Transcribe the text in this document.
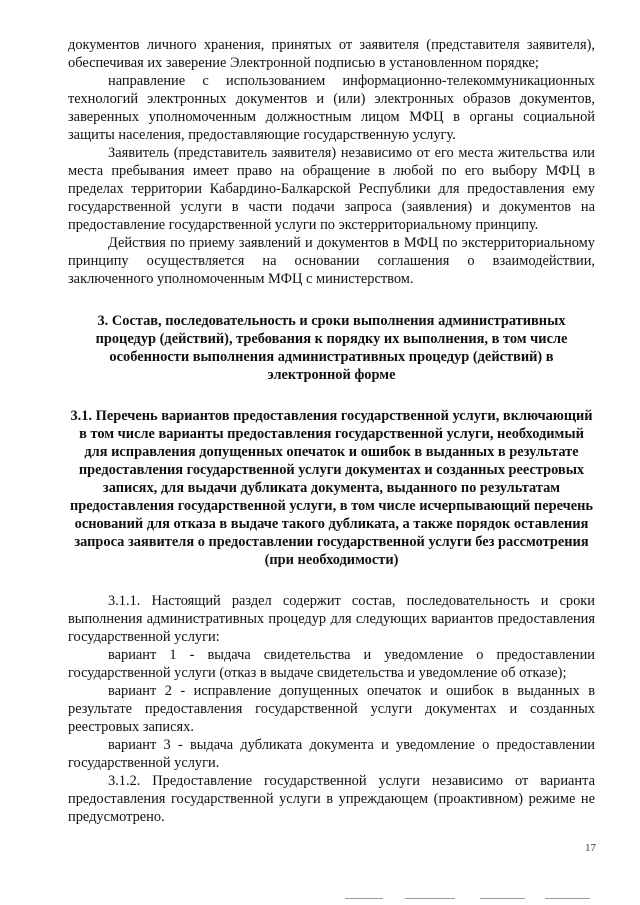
документов личного хранения, принятых от заявителя (представителя заявителя), обеспечивая их заверение Электронной подписью в установленном порядке;

направление с использованием информационно-телекоммуникационных технологий электронных документов и (или) электронных образов документов, заверенных уполномоченным должностным лицом МФЦ в органы социальной защиты населения, предоставляющие государственную услугу.

Заявитель (представитель заявителя) независимо от его места жительства или места пребывания имеет право на обращение в любой по его выбору МФЦ в пределах территории Кабардино-Балкарской Республики для предоставления ему государственной услуги в части подачи запроса (заявления) и документов на предоставление государственной услуги по экстерриториальному принципу.

Действия по приему заявлений и документов в МФЦ по экстерриториальному принципу осуществляется на основании соглашения о взаимодействии, заключенного уполномоченным МФЦ с министерством.

3. Состав, последовательность и сроки выполнения административных процедур (действий), требования к порядку их выполнения, в том числе особенности выполнения административных процедур (действий) в электронной форме

3.1. Перечень вариантов предоставления государственной услуги, включающий в том числе варианты предоставления государственной услуги, необходимый для исправления допущенных опечаток и ошибок в выданных в результате предоставления государственной услуги документах и созданных реестровых записях, для выдачи дубликата документа, выданного по результатам предоставления государственной услуги, в том числе исчерпывающий перечень оснований для отказа в выдаче такого дубликата, а также порядок оставления запроса заявителя о предоставлении государственной услуги без рассмотрения (при необходимости)

3.1.1. Настоящий раздел содержит состав, последовательность и сроки выполнения административных процедур для следующих вариантов предоставления государственной услуги:

вариант 1 - выдача свидетельства и уведомление о предоставлении государственной услуги (отказ в выдаче свидетельства и уведомление об отказе);

вариант 2 - исправление допущенных опечаток и ошибок в выданных в результате предоставления государственной услуги документах и созданных реестровых записях.

вариант 3 - выдача дубликата документа и уведомление о предоставлении государственной услуги.

3.1.2. Предоставление государственной услуги независимо от варианта предоставления государственной услуги в упреждающем (проактивном) режиме не предусмотрено.

17
